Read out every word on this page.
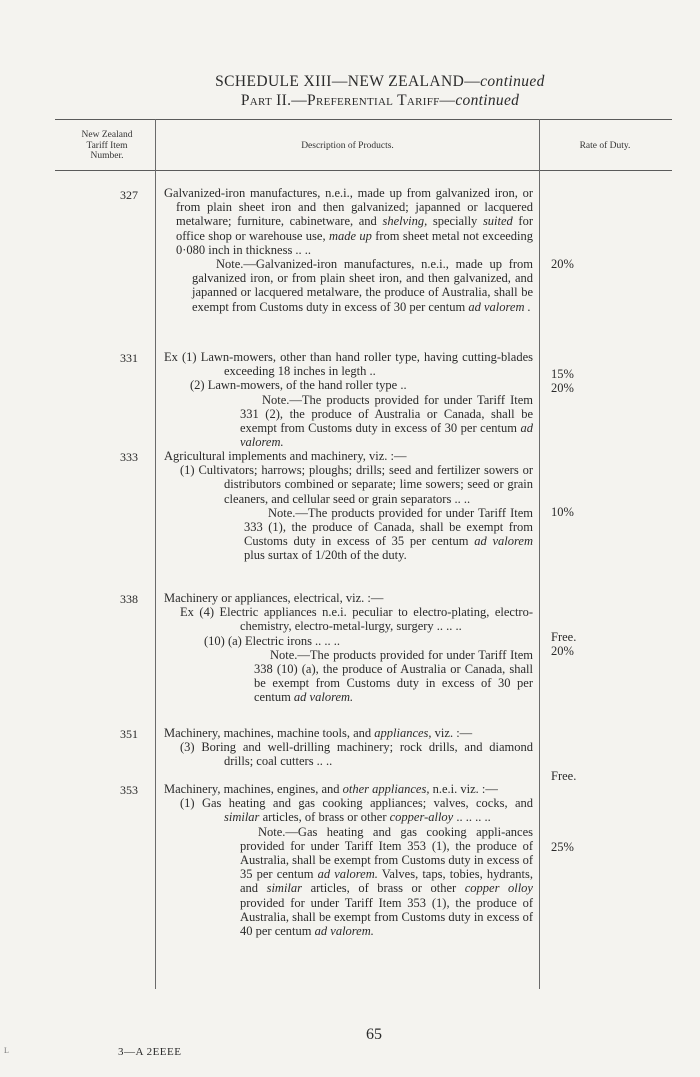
SCHEDULE XIII—NEW ZEALAND—continued
Part II.—Preferential Tariff—continued
New Zealand
Tariff Item
Number.
Description of Products.	Rate of Duty.
327
331
333
338
351
353
20%
15%
20%
10%
Free.
20%
Free.
25%

Galvanized-iron manufactures, n.e.i., made up from galvanized iron, or from plain sheet iron and then galvanized; japanned or lacquered metalware; furniture, cabinetware, and shelving, specially suited for office shop or warehouse use, made up from sheet metal not exceeding 0·080 inch in thickness .. ..

Note.—Galvanized-iron manufactures, n.e.i., made up from galvanized iron, or from plain sheet iron, and then galvanized, and japanned or lacquered metalware, the produce of Australia, shall be exempt from Customs duty in excess of 30 per centum ad valorem .

Ex (1) Lawn-mowers, other than hand roller type, having cutting-blades exceeding 18 inches in legth ..

(2) Lawn-mowers, of the hand roller type ..

Note.—The products provided for under Tariff Item 331 (2), the produce of Australia or Canada, shall be exempt from Customs duty in excess of 30 per centum ad valorem.

Agricultural implements and machinery, viz. :—

(1) Cultivators; harrows; ploughs; drills; seed and fertilizer sowers or distributors combined or separate; lime sowers; seed or grain cleaners, and cellular seed or grain separators .. ..

Note.—The products provided for under Tariff Item 333 (1), the produce of Canada, shall be exempt from Customs duty in excess of 35 per centum ad valorem plus surtax of 1/20th of the duty.

Machinery or appliances, electrical, viz. :—

Ex (4) Electric appliances n.e.i. peculiar to electro-plating, electro-chemistry, electro-metal-lurgy, surgery .. .. ..

(10) (a) Electric irons .. .. ..

Note.—The products provided for under Tariff Item 338 (10) (a), the produce of Australia or Canada, shall be exempt from Customs duty in excess of 30 per centum ad valorem.

Machinery, machines, machine tools, and appliances, viz. :—

(3) Boring and well-drilling machinery; rock drills, and diamond drills; coal cutters .. ..

Machinery, machines, engines, and other appliances, n.e.i. viz. :—

(1) Gas heating and gas cooking appliances; valves, cocks, and similar articles, of brass or other copper-alloy .. .. .. ..

Note.—Gas heating and gas cooking appli-ances provided for under Tariff Item 353 (1), the produce of Australia, shall be exempt from Customs duty in excess of 35 per centum ad valorem. Valves, taps, tobies, hydrants, and similar articles, of brass or other copper olloy provided for under Tariff Item 353 (1), the produce of Australia, shall be exempt from Customs duty in excess of 40 per centum ad valorem.

65
3—A 2EEEE
L
